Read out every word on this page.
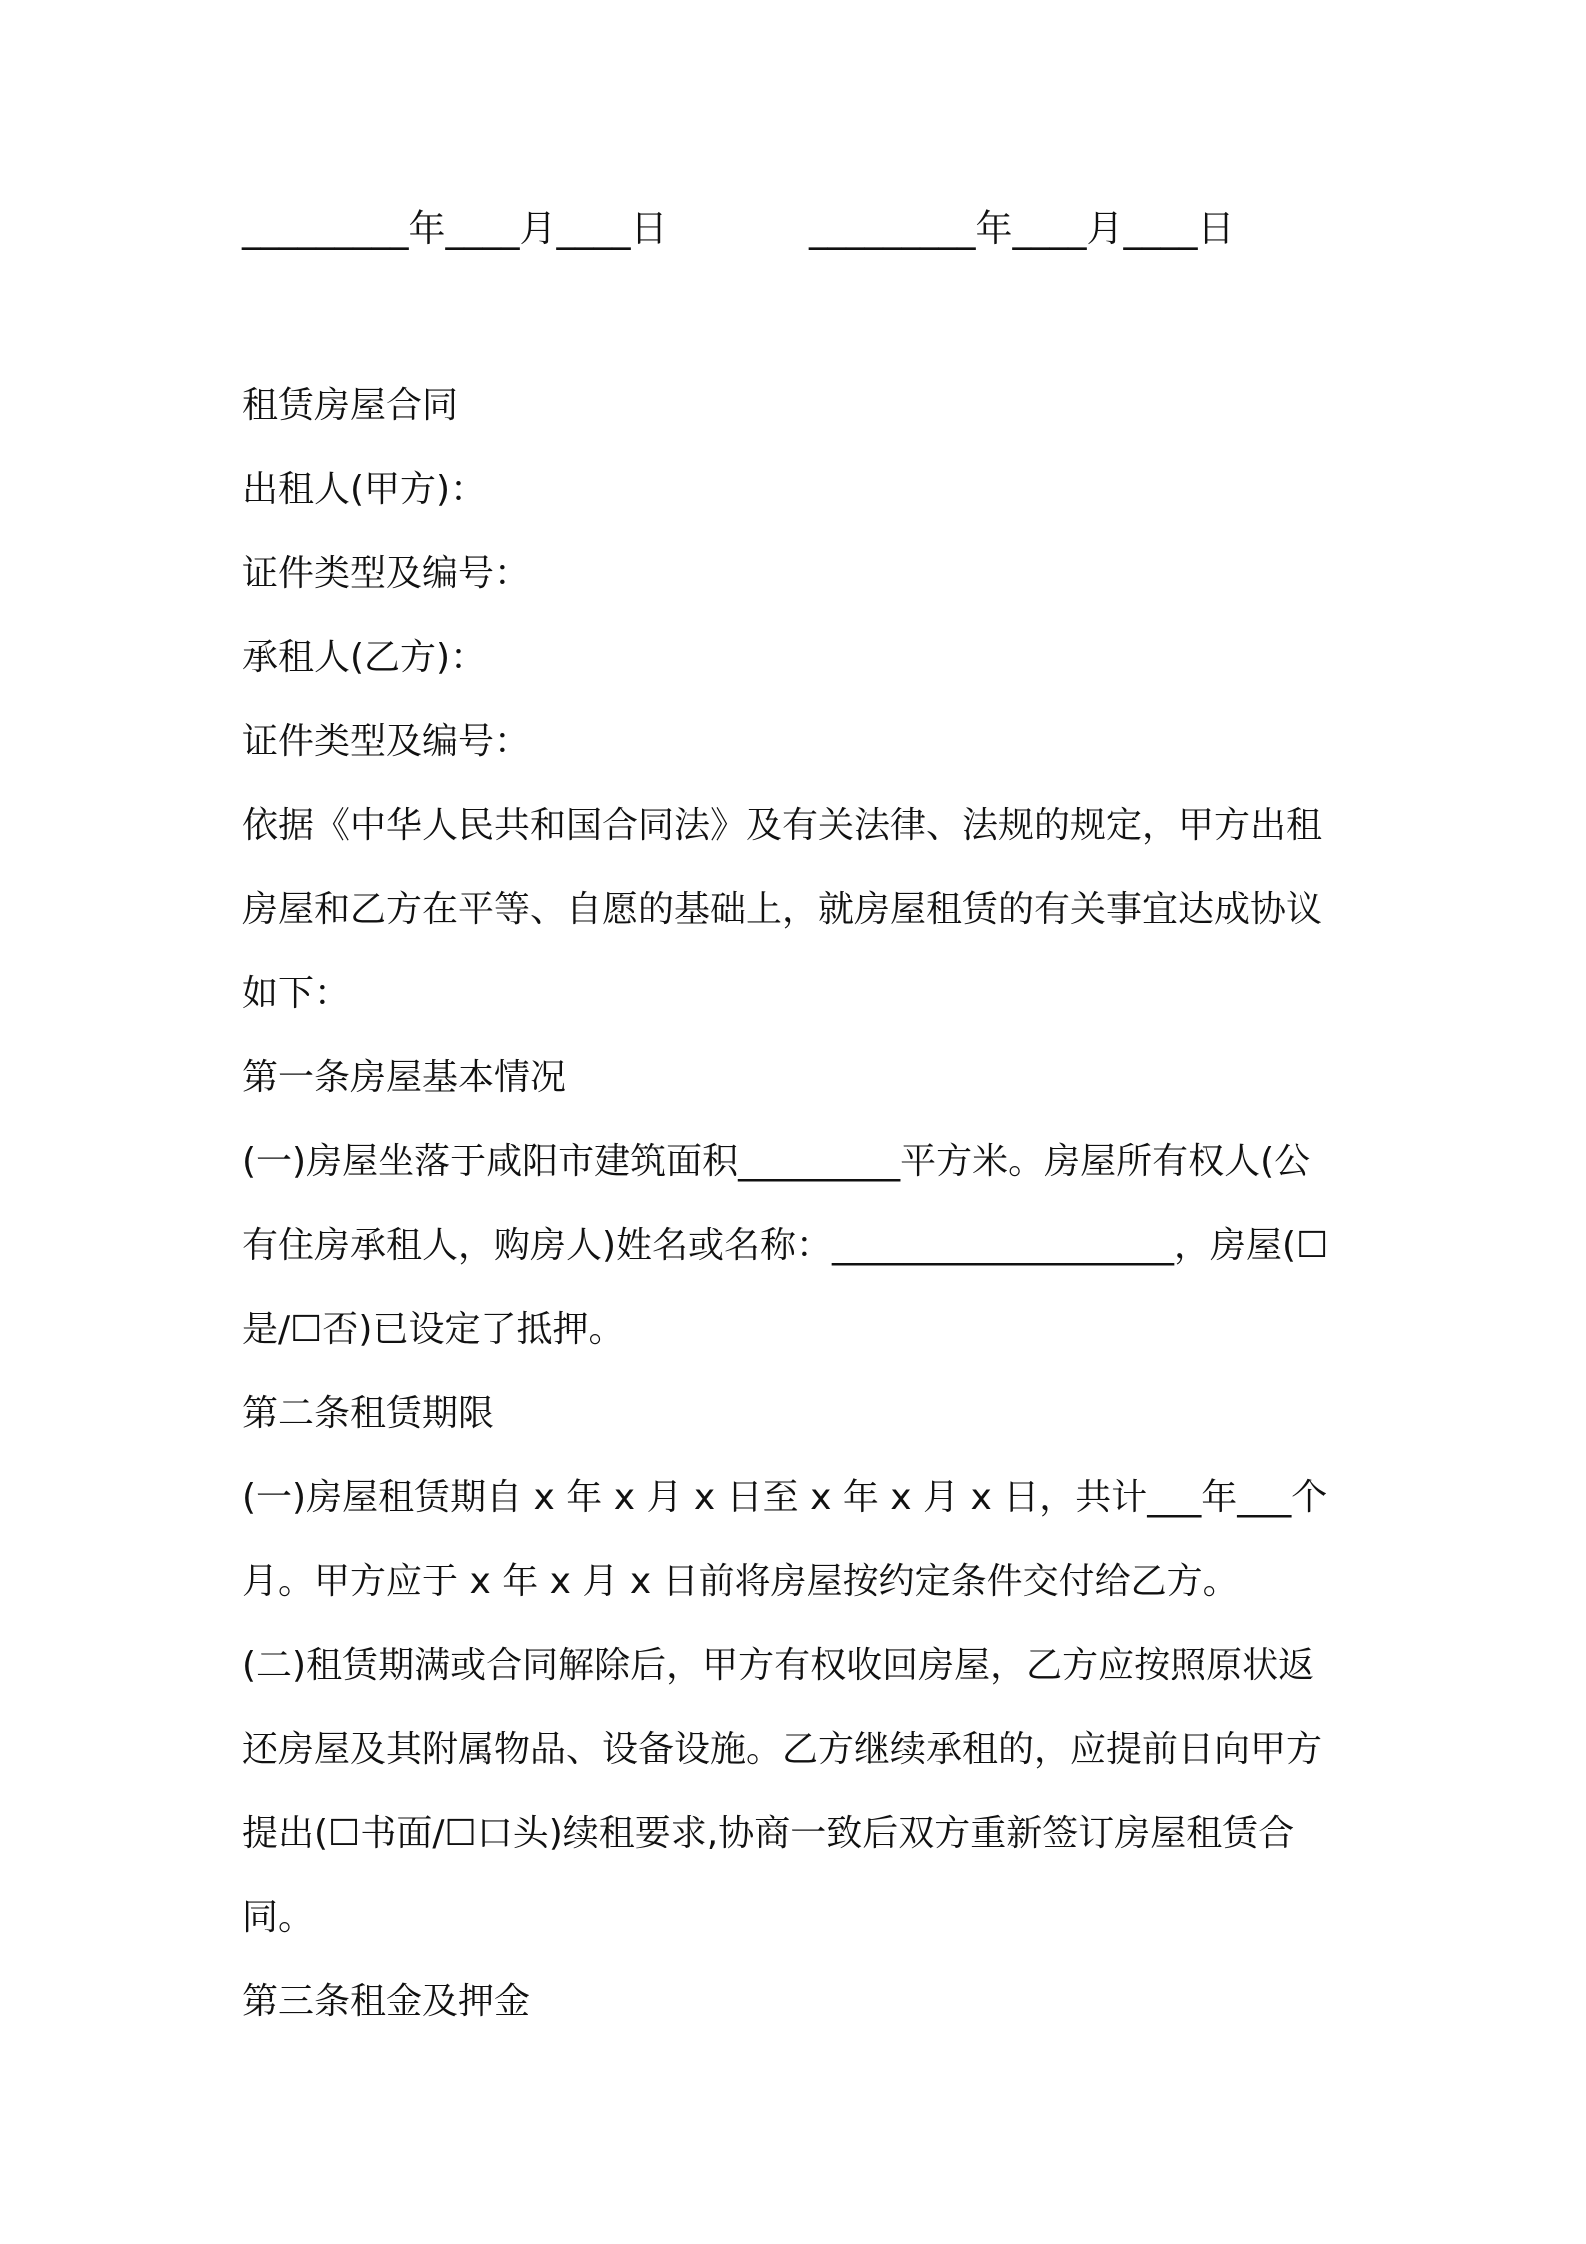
_________年____月____日

	_________年____月____日

租赁房屋合同
出租人(甲方)：
证件类型及编号：
承租人(乙方)：
证件类型及编号：
依据《中华人民共和国合同法》及有关法律、法规的规定，甲方出租
房屋和乙方在平等、自愿的基础上，就房屋租赁的有关事宜达成协议
如下：
第一条房屋基本情况
(一)房屋坐落于咸阳市建筑面积_________平方米。房屋所有权人(公
有住房承租人，购房人)姓名或名称：___________________，房屋(☐
是/☐否)已设定了抵押。
第二条租赁期限
(一)房屋租赁期自 x 年 x 月 x 日至 x 年 x 月 x 日，共计___年___个
月。甲方应于 x 年 x 月 x 日前将房屋按约定条件交付给乙方。
(二)租赁期满或合同解除后，甲方有权收回房屋，乙方应按照原状返
还房屋及其附属物品、设备设施。乙方继续承租的，应提前日向甲方
提出(☐书面/☐口头)续租要求,协商一致后双方重新签订房屋租赁合
同。
第三条租金及押金
